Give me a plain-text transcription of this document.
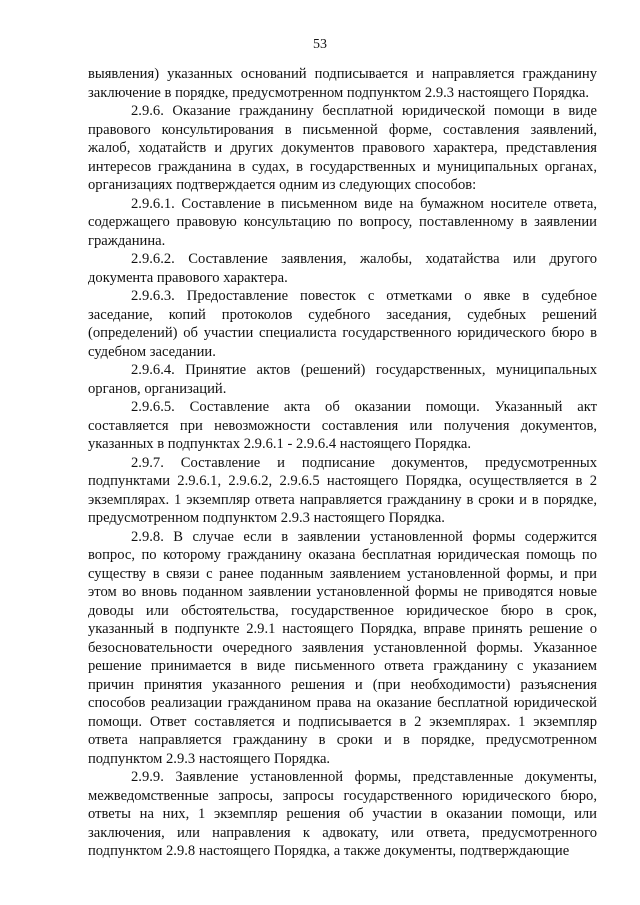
53

выявления) указанных оснований подписывается и направляется гражданину заключение в порядке, предусмотренном подпунктом 2.9.3 настоящего Порядка.

2.9.6. Оказание гражданину бесплатной юридической помощи в виде правового консультирования в письменной форме, составления заявлений, жалоб, ходатайств и других документов правового характера, представления интересов гражданина в судах, в государственных и муниципальных органах, организациях подтверждается одним из следующих способов:

2.9.6.1. Составление в письменном виде на бумажном носителе ответа, содержащего правовую консультацию по вопросу, поставленному в заявлении гражданина.

2.9.6.2. Составление заявления, жалобы, ходатайства или другого документа правового характера.

2.9.6.3. Предоставление повесток с отметками о явке в судебное заседание, копий протоколов судебного заседания, судебных решений (определений) об участии специалиста государственного юридического бюро в судебном заседании.

2.9.6.4. Принятие актов (решений) государственных, муниципальных органов, организаций.

2.9.6.5. Составление акта об оказании помощи. Указанный акт составляется при невозможности составления или получения документов, указанных в подпунктах 2.9.6.1 - 2.9.6.4 настоящего Порядка.

2.9.7. Составление и подписание документов, предусмотренных подпунктами 2.9.6.1, 2.9.6.2, 2.9.6.5 настоящего Порядка, осуществляется в 2 экземплярах. 1 экземпляр ответа направляется гражданину в сроки и в порядке, предусмотренном подпунктом 2.9.3 настоящего Порядка.

2.9.8. В случае если в заявлении установленной формы содержится вопрос, по которому гражданину оказана бесплатная юридическая помощь по существу в связи с ранее поданным заявлением установленной формы, и при этом во вновь поданном заявлении установленной формы не приводятся новые доводы или обстоятельства, государственное юридическое бюро в срок, указанный в подпункте 2.9.1 настоящего Порядка, вправе принять решение о безосновательности очередного заявления установленной формы. Указанное решение принимается в виде письменного ответа гражданину с указанием причин принятия указанного решения и (при необходимости) разъяснения способов реализации гражданином права на оказание бесплатной юридической помощи. Ответ составляется и подписывается в 2 экземплярах. 1 экземпляр ответа направляется гражданину в сроки и в порядке, предусмотренном подпунктом 2.9.3 настоящего Порядка.

2.9.9. Заявление установленной формы, представленные документы, межведомственные запросы, запросы государственного юридического бюро, ответы на них, 1 экземпляр решения об участии в оказании помощи, или заключения, или направления к адвокату, или ответа, предусмотренного подпунктом 2.9.8 настоящего Порядка, а также документы, подтверждающие
